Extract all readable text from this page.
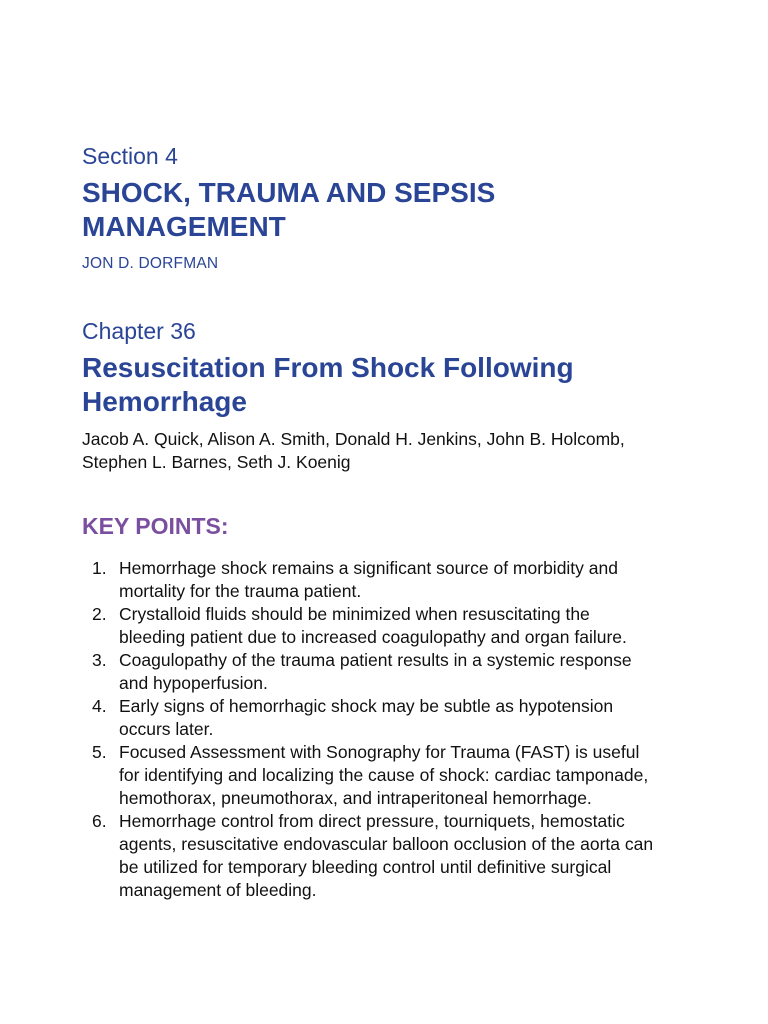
Section 4

SHOCK, TRAUMA AND SEPSIS
MANAGEMENT

JON D. DORFMAN

Chapter 36

Resuscitation From Shock Following
Hemorrhage

Jacob A. Quick, Alison A. Smith, Donald H. Jenkins, John B. Holcomb,
Stephen L. Barnes, Seth J. Koenig

KEY POINTS:
1. Hemorrhage shock remains a significant source of morbidity and
mortality for the trauma patient.
2. Crystalloid fluids should be minimized when resuscitating the
bleeding patient due to increased coagulopathy and organ failure.
3. Coagulopathy of the trauma patient results in a systemic response
and hypoperfusion.
4. Early signs of hemorrhagic shock may be subtle as hypotension
occurs later.
5. Focused Assessment with Sonography for Trauma (FAST) is useful
for identifying and localizing the cause of shock: cardiac tamponade,
hemothorax, pneumothorax, and intraperitoneal hemorrhage.
6. Hemorrhage control from direct pressure, tourniquets, hemostatic
agents, resuscitative endovascular balloon occlusion of the aorta can
be utilized for temporary bleeding control until definitive surgical
management of bleeding.
